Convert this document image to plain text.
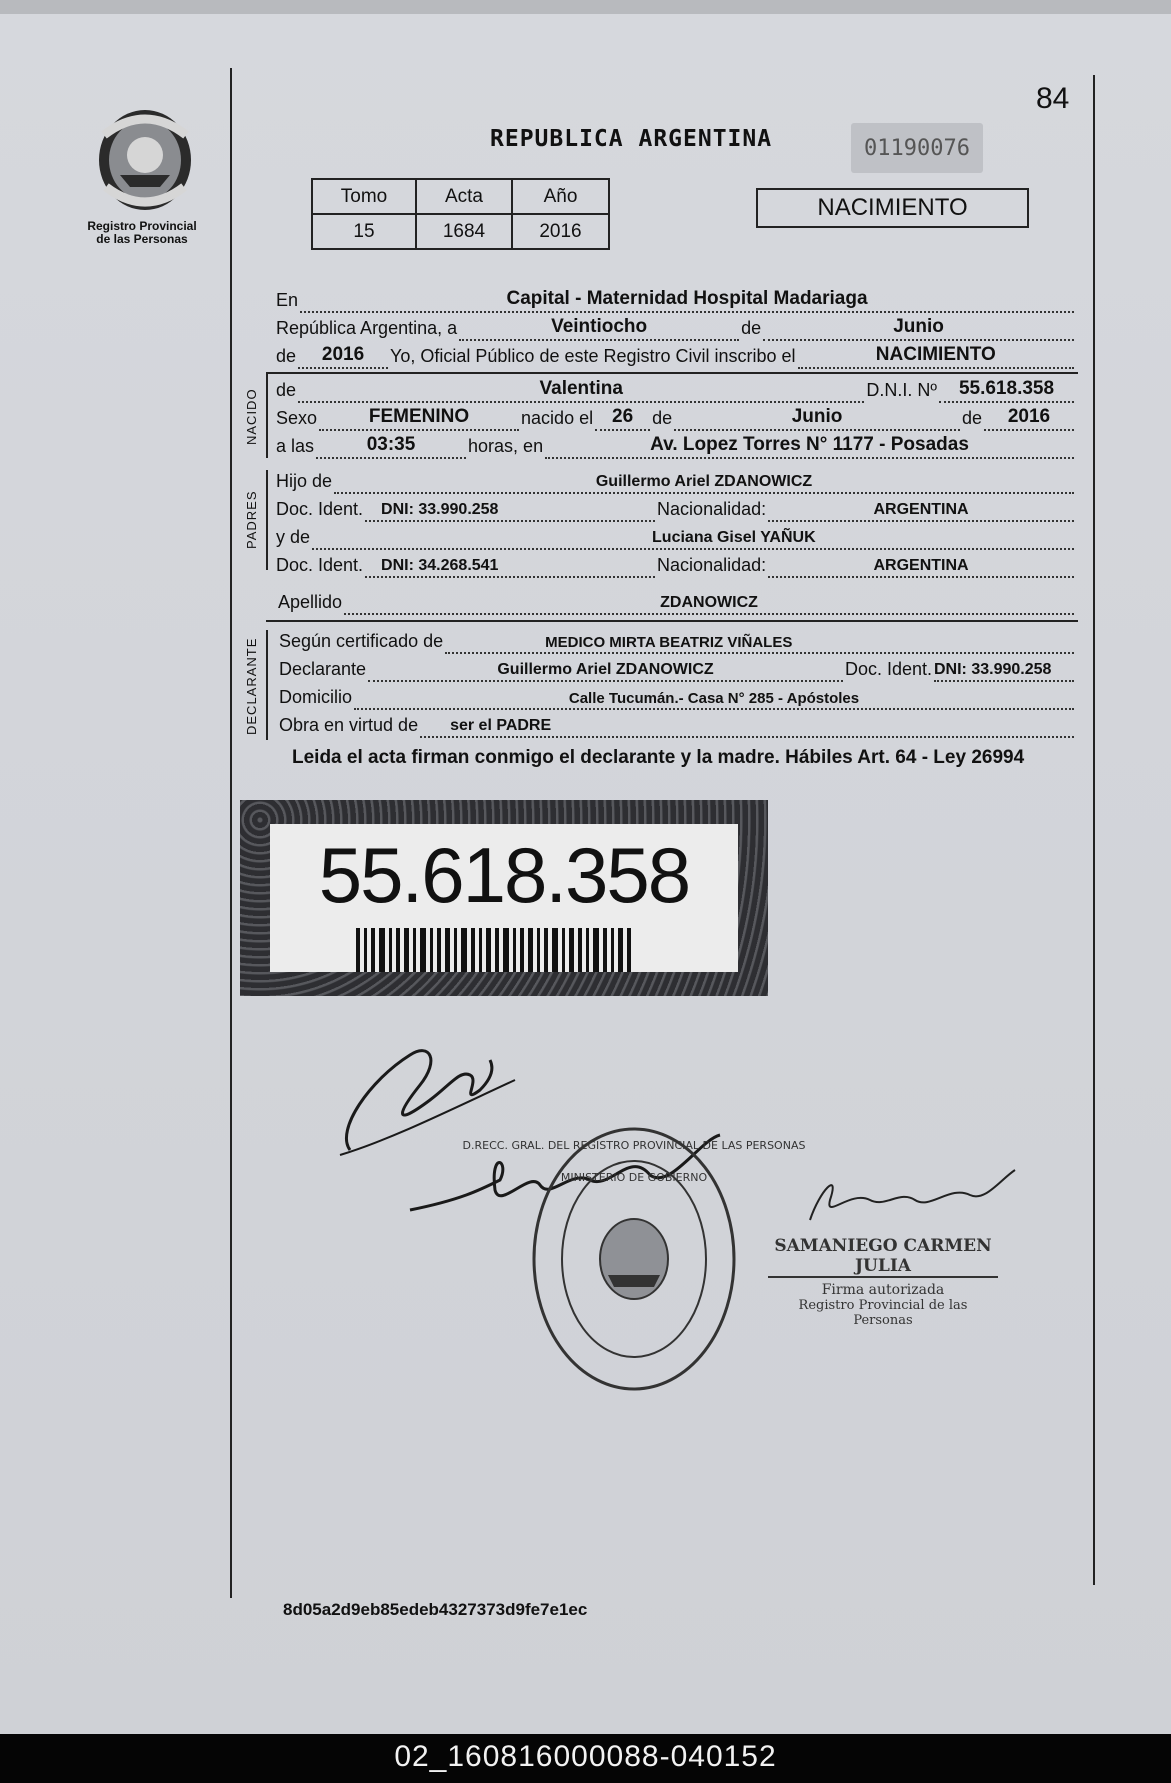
Registro Provincial
de las Personas
84
REPUBLICA ARGENTINA	01190076
Tomo	Acta	Año
15	1684	2016
NACIMIENTO
En	Capital - Maternidad Hospital Madariaga
República Argentina, a	Veintiocho	de	Junio
de	2016	Yo, Oficial Público de este Registro Civil inscribo el	NACIMIENTO
NACIDO de	Valentina	D.N.I. Nº	55.618.358
Sexo	FEMENINO	nacido el 26	de	Junio	de	2016
a las	03:35	horas, en	Av. Lopez Torres N° 1177 - Posadas
PADRES
Hijo de	Guillermo Ariel ZDANOWICZ
Doc. Ident. DNI: 33.990.258	Nacionalidad:	ARGENTINA
y de	Luciana Gisel YAÑUK
Doc. Ident. DNI: 34.268.541	Nacionalidad:	ARGENTINA
Apellido	ZDANOWICZ
DECLARANTE Según certificado de	MEDICO MIRTA BEATRIZ VIÑALES
Declarante	Guillermo Ariel ZDANOWICZ	Doc. Ident. DNI: 33.990.258
Domicilio	Calle Tucumán.- Casa N° 285 - Apóstoles
Obra en virtud de ser el PADRE
Leida el acta firman conmigo el declarante y la madre. Hábiles Art. 64 - Ley 26994
55.618.358
D.RECC. GRAL. DEL REGISTRO PROVINCIAL DE LAS PERSONAS
MINISTERIO DE GOBIERNO
SAMANIEGO CARMEN JULIA
Firma autorizada
Registro Provincial de las Personas
8d05a2d9eb85edeb4327373d9fe7e1ec
02_160816000088-040152
